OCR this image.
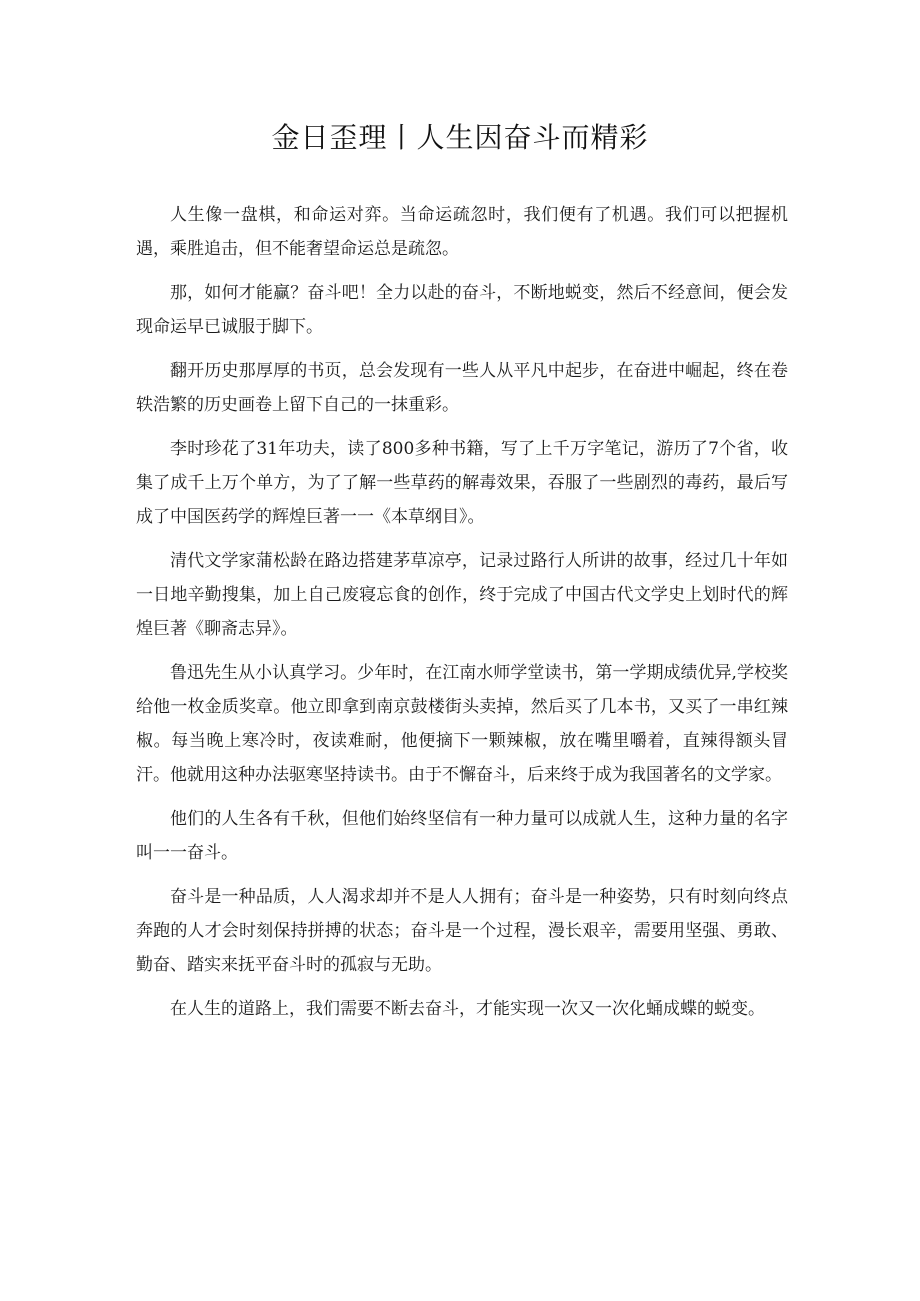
金日歪理丨人生因奋斗而精彩

人生像一盘棋，和命运对弈。当命运疏忽时，我们便有了机遇。我们可以把握机遇，乘胜追击，但不能奢望命运总是疏忽。

那，如何才能赢？奋斗吧！全力以赴的奋斗，不断地蜕变，然后不经意间，便会发现命运早已诚服于脚下。

翻开历史那厚厚的书页，总会发现有一些人从平凡中起步，在奋进中崛起，终在卷轶浩繁的历史画卷上留下自己的一抹重彩。

李时珍花了31年功夫，读了800多种书籍，写了上千万字笔记，游历了7个省，收集了成千上万个单方，为了了解一些草药的解毒效果，吞服了一些剧烈的毒药，最后写成了中国医药学的辉煌巨著一一《本草纲目》。

清代文学家蒲松龄在路边搭建茅草凉亭，记录过路行人所讲的故事，经过几十年如一日地辛勤搜集，加上自己废寝忘食的创作，终于完成了中国古代文学史上划时代的辉煌巨著《聊斋志异》。

鲁迅先生从小认真学习。少年时，在江南水师学堂读书，第一学期成绩优异,学校奖给他一枚金质奖章。他立即拿到南京鼓楼街头卖掉，然后买了几本书，又买了一串红辣椒。每当晚上寒冷时，夜读难耐，他便摘下一颗辣椒，放在嘴里嚼着，直辣得额头冒汗。他就用这种办法驱寒坚持读书。由于不懈奋斗，后来终于成为我国著名的文学家。

他们的人生各有千秋，但他们始终坚信有一种力量可以成就人生，这种力量的名字叫一一奋斗。

奋斗是一种品质，人人渴求却并不是人人拥有；奋斗是一种姿势，只有时刻向终点奔跑的人才会时刻保持拼搏的状态；奋斗是一个过程，漫长艰辛，需要用坚强、勇敢、勤奋、踏实来抚平奋斗时的孤寂与无助。

在人生的道路上，我们需要不断去奋斗，才能实现一次又一次化蛹成蝶的蜕变。
